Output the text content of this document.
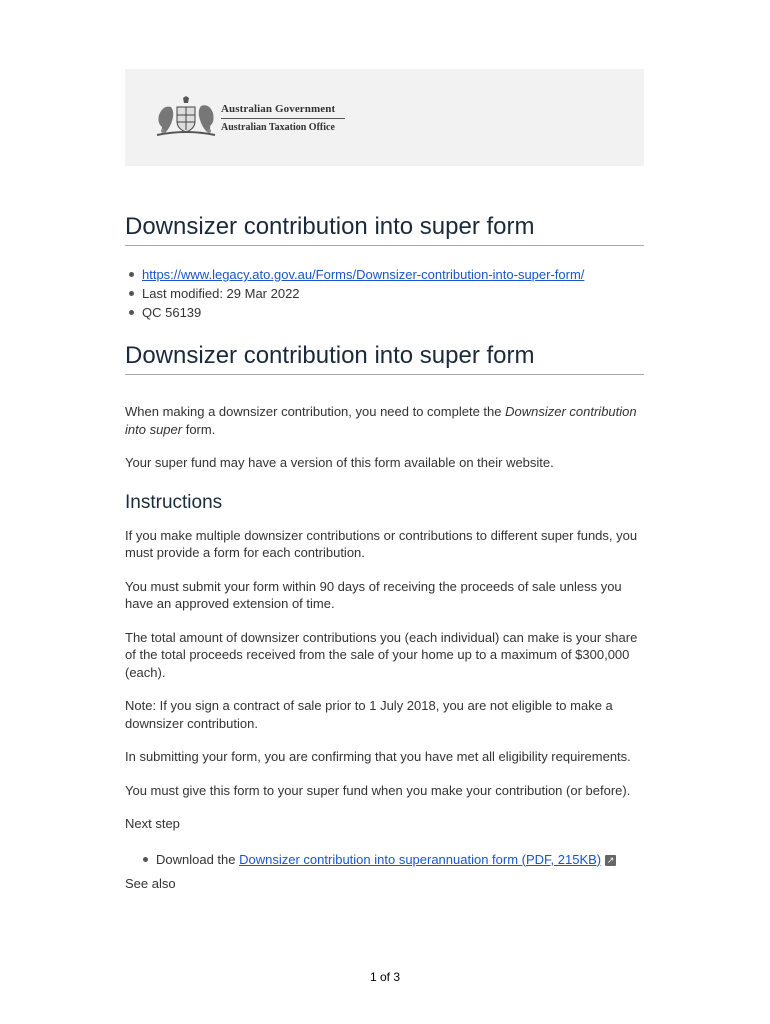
Australian Government
Australian Taxation Office
Downsizer contribution into super form
https://www.legacy.ato.gov.au/Forms/Downsizer-contribution-into-super-form/
Last modified: 29 Mar 2022
QC 56139
Downsizer contribution into super form

When making a downsizer contribution, you need to complete the Downsizer contribution into super form.

Your super fund may have a version of this form available on their website.

Instructions

If you make multiple downsizer contributions or contributions to different super funds, you must provide a form for each contribution.

You must submit your form within 90 days of receiving the proceeds of sale unless you have an approved extension of time.

The total amount of downsizer contributions you (each individual) can make is your share of the total proceeds received from the sale of your home up to a maximum of $300,000 (each).

Note: If you sign a contract of sale prior to 1 July 2018, you are not eligible to make a downsizer contribution.

In submitting your form, you are confirming that you have met all eligibility requirements.

You must give this form to your super fund when you make your contribution (or before).

Next step

Download the Downsizer contribution into superannuation form (PDF, 215KB) ↗

See also

1 of 3
